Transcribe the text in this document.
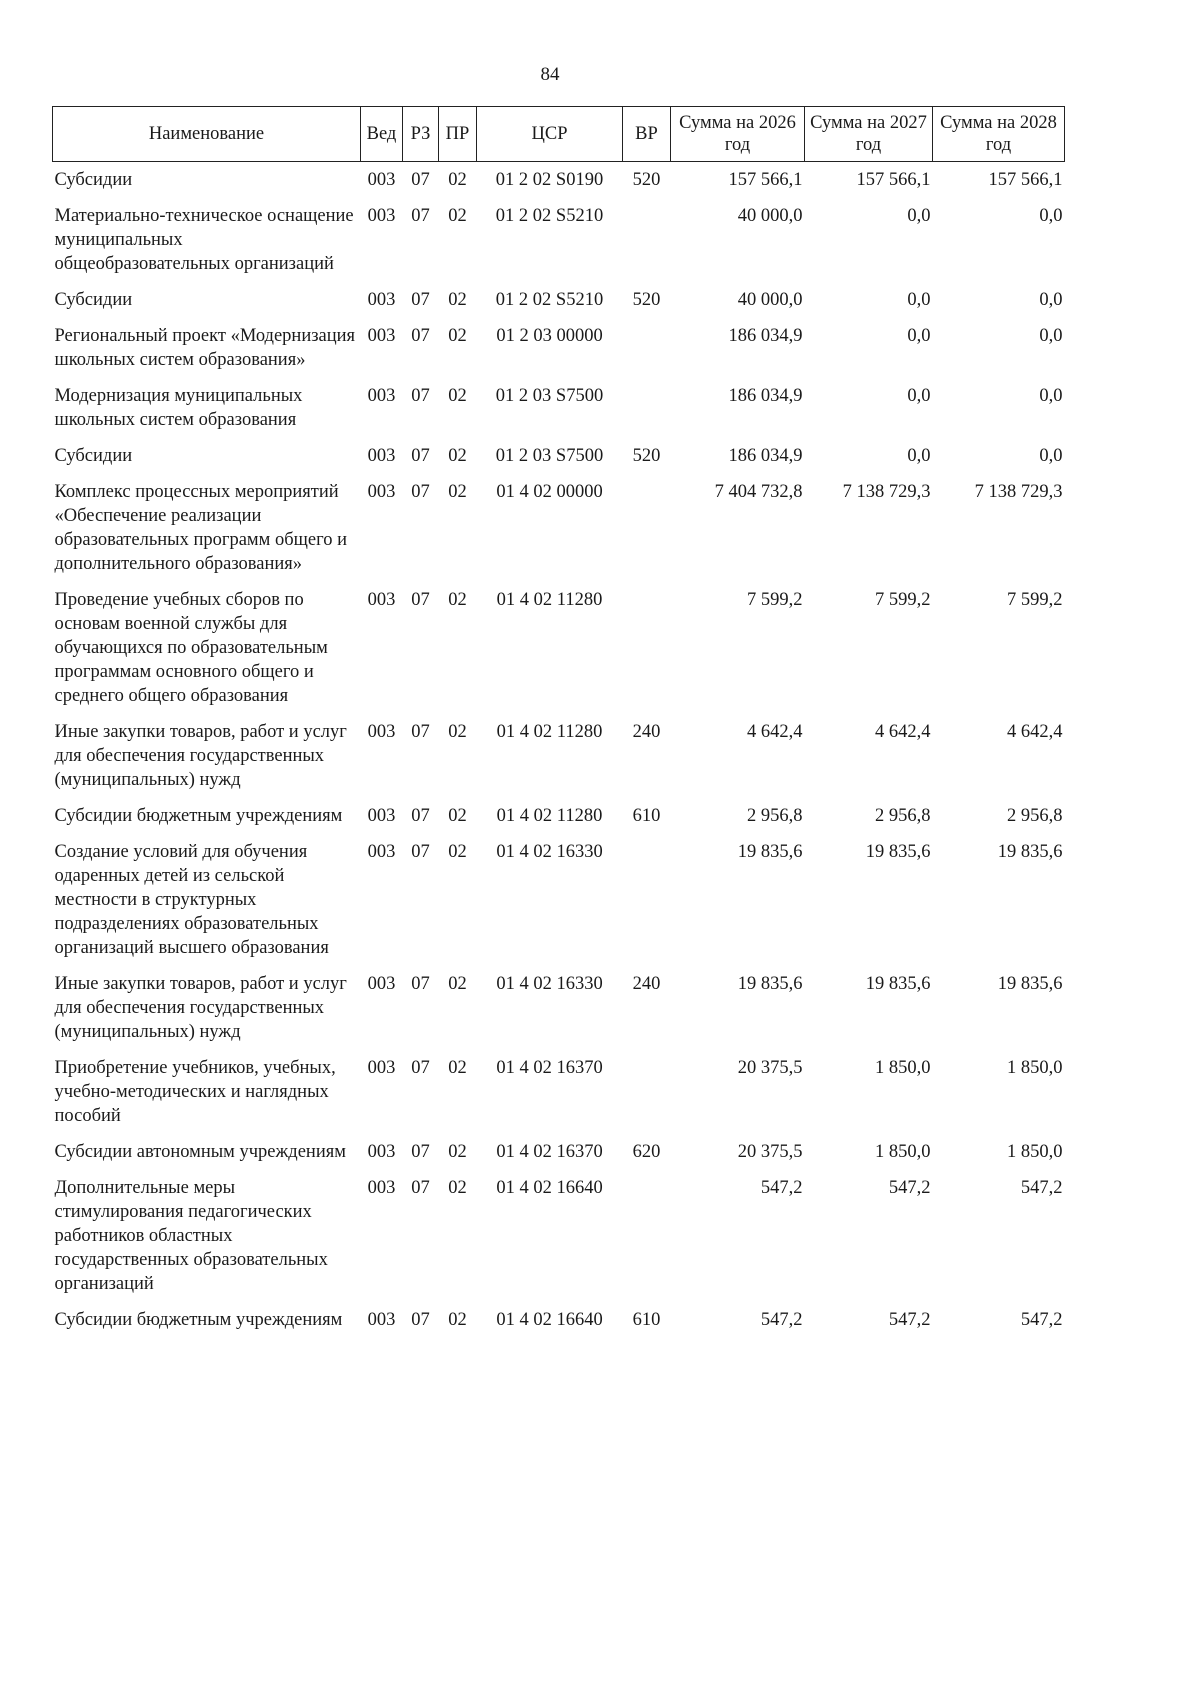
84
Наименование	Вед	РЗ	ПР	ЦСР	ВР	Сумма на 2026 год	Сумма на 2027 год	Сумма на 2028 год
Субсидии	003	07	02	01 2 02 S0190	520	157 566,1	157 566,1	157 566,1
Материально-техническое оснащение муниципальных общеобразовательных организаций	003	07	02	01 2 02 S5210		40 000,0	0,0	0,0
Субсидии	003	07	02	01 2 02 S5210	520	40 000,0	0,0	0,0
Региональный проект «Модернизация школьных систем образования»	003	07	02	01 2 03 00000		186 034,9	0,0	0,0
Модернизация муниципальных школьных систем образования	003	07	02	01 2 03 S7500		186 034,9	0,0	0,0
Субсидии	003	07	02	01 2 03 S7500	520	186 034,9	0,0	0,0
Комплекс процессных мероприятий «Обеспечение реализации образовательных программ общего и дополнительного образования»	003	07	02	01 4 02 00000		7 404 732,8	7 138 729,3	7 138 729,3
Проведение учебных сборов по основам военной службы для обучающихся по образовательным программам основного общего и среднего общего образования	003	07	02	01 4 02 11280		7 599,2	7 599,2	7 599,2
Иные закупки товаров, работ и услуг для обеспечения государственных (муниципальных) нужд	003	07	02	01 4 02 11280	240	4 642,4	4 642,4	4 642,4
Субсидии бюджетным учреждениям	003	07	02	01 4 02 11280	610	2 956,8	2 956,8	2 956,8
Создание условий для обучения одаренных детей из сельской местности в структурных подразделениях образовательных организаций высшего образования	003	07	02	01 4 02 16330		19 835,6	19 835,6	19 835,6
Иные закупки товаров, работ и услуг для обеспечения государственных (муниципальных) нужд	003	07	02	01 4 02 16330	240	19 835,6	19 835,6	19 835,6
Приобретение учебников, учебных, учебно-методических и наглядных пособий	003	07	02	01 4 02 16370		20 375,5	1 850,0	1 850,0
Субсидии автономным учреждениям	003	07	02	01 4 02 16370	620	20 375,5	1 850,0	1 850,0
Дополнительные меры стимулирования педагогических работников областных государственных образовательных организаций	003	07	02	01 4 02 16640		547,2	547,2	547,2
Субсидии бюджетным учреждениям	003	07	02	01 4 02 16640	610	547,2	547,2	547,2
